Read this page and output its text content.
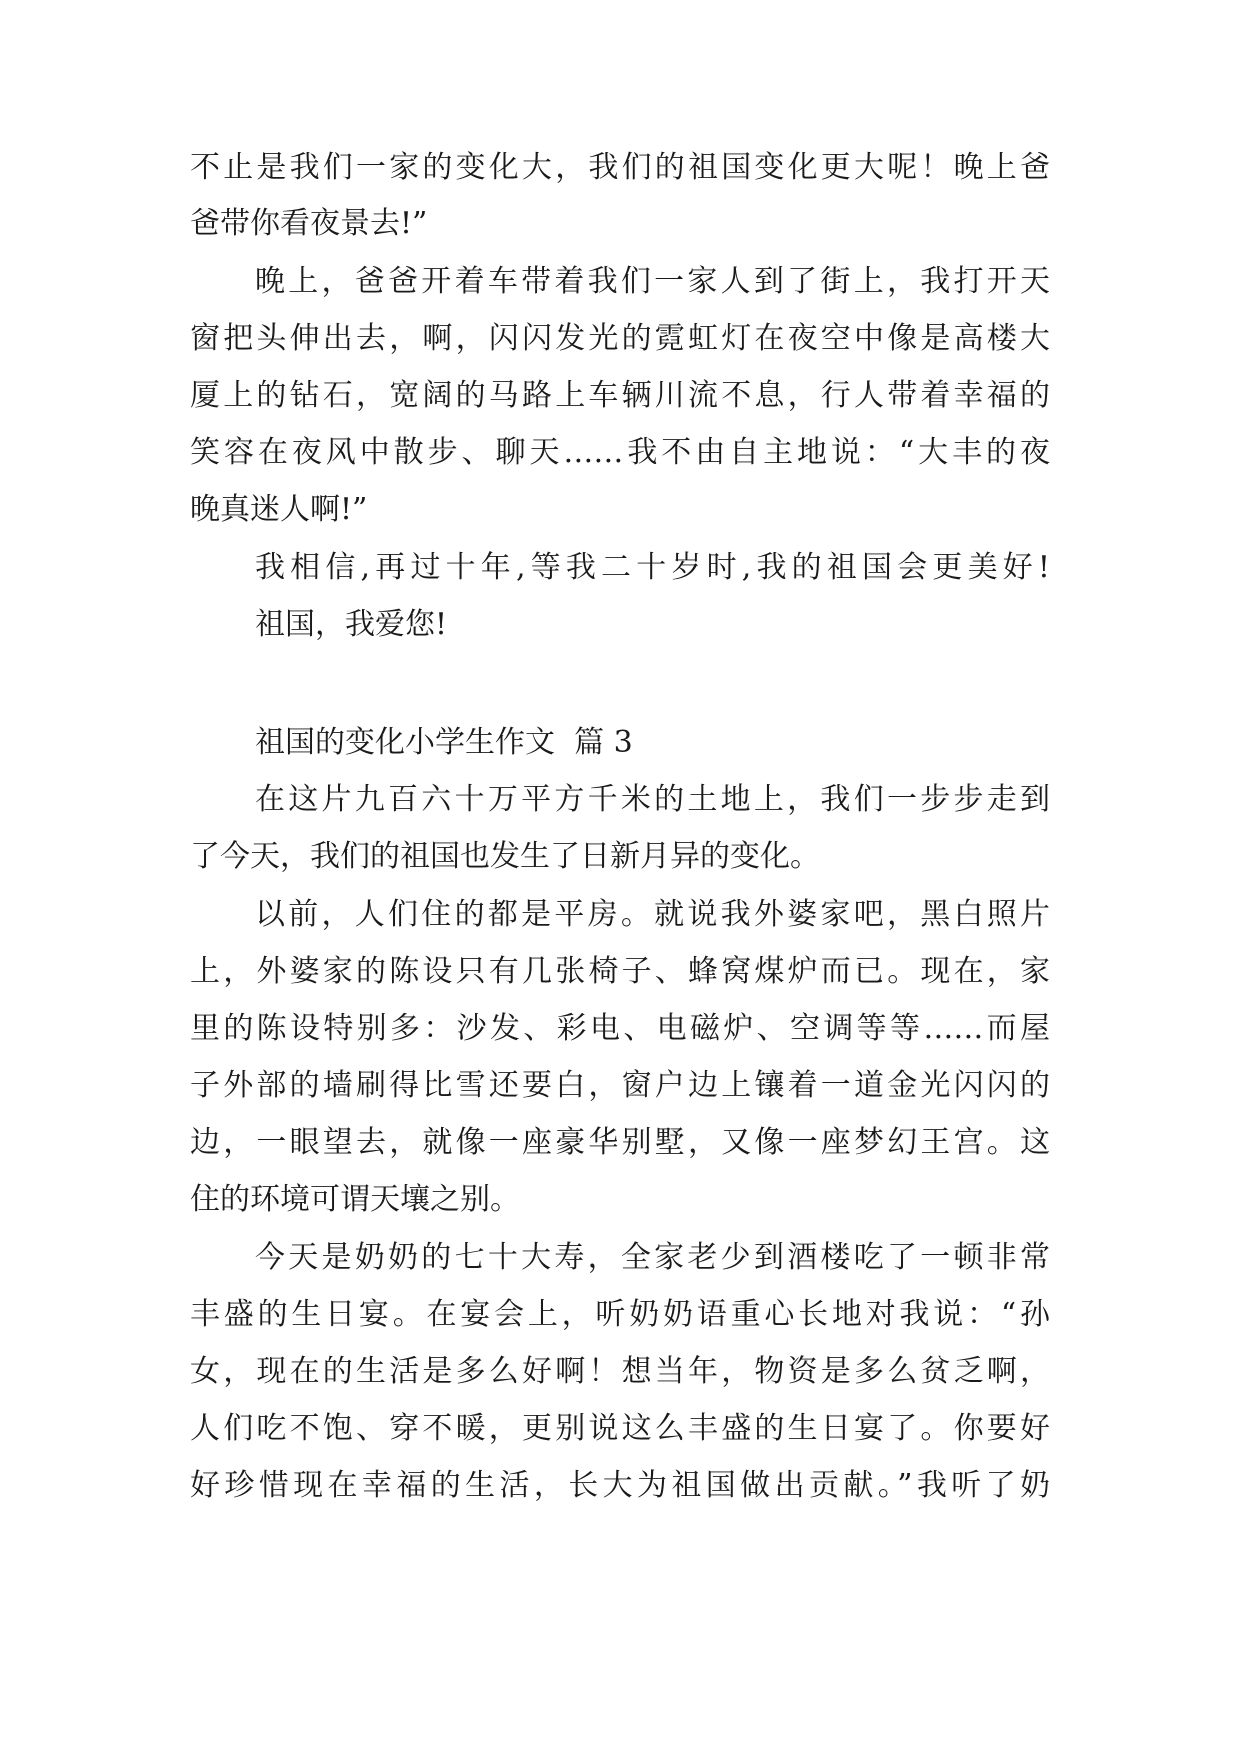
不止是我们一家的变化大，我们的祖国变化更大呢！晚上爸
爸带你看夜景去!”
晚上，爸爸开着车带着我们一家人到了街上，我打开天
窗把头伸出去，啊，闪闪发光的霓虹灯在夜空中像是高楼大
厦上的钻石，宽阔的马路上车辆川流不息，行人带着幸福的
笑容在夜风中散步、聊天……我不由自主地说：“大丰的夜
晚真迷人啊!”
我相信,再过十年,等我二十岁时,我的祖国会更美好!
祖国，我爱您!
祖国的变化小学生作文  篇 3
在这片九百六十万平方千米的土地上，我们一步步走到
了今天，我们的祖国也发生了日新月异的变化。
以前，人们住的都是平房。就说我外婆家吧，黑白照片
上，外婆家的陈设只有几张椅子、蜂窝煤炉而已。现在，家
里的陈设特别多：沙发、彩电、电磁炉、空调等等……而屋
子外部的墙刷得比雪还要白，窗户边上镶着一道金光闪闪的
边，一眼望去，就像一座豪华别墅，又像一座梦幻王宫。这
住的环境可谓天壤之别。
今天是奶奶的七十大寿，全家老少到酒楼吃了一顿非常
丰盛的生日宴。在宴会上，听奶奶语重心长地对我说：“孙
女，现在的生活是多么好啊！想当年，物资是多么贫乏啊，
人们吃不饱、穿不暖，更别说这么丰盛的生日宴了。你要好
好珍惜现在幸福的生活，长大为祖国做出贡献。”我听了奶
